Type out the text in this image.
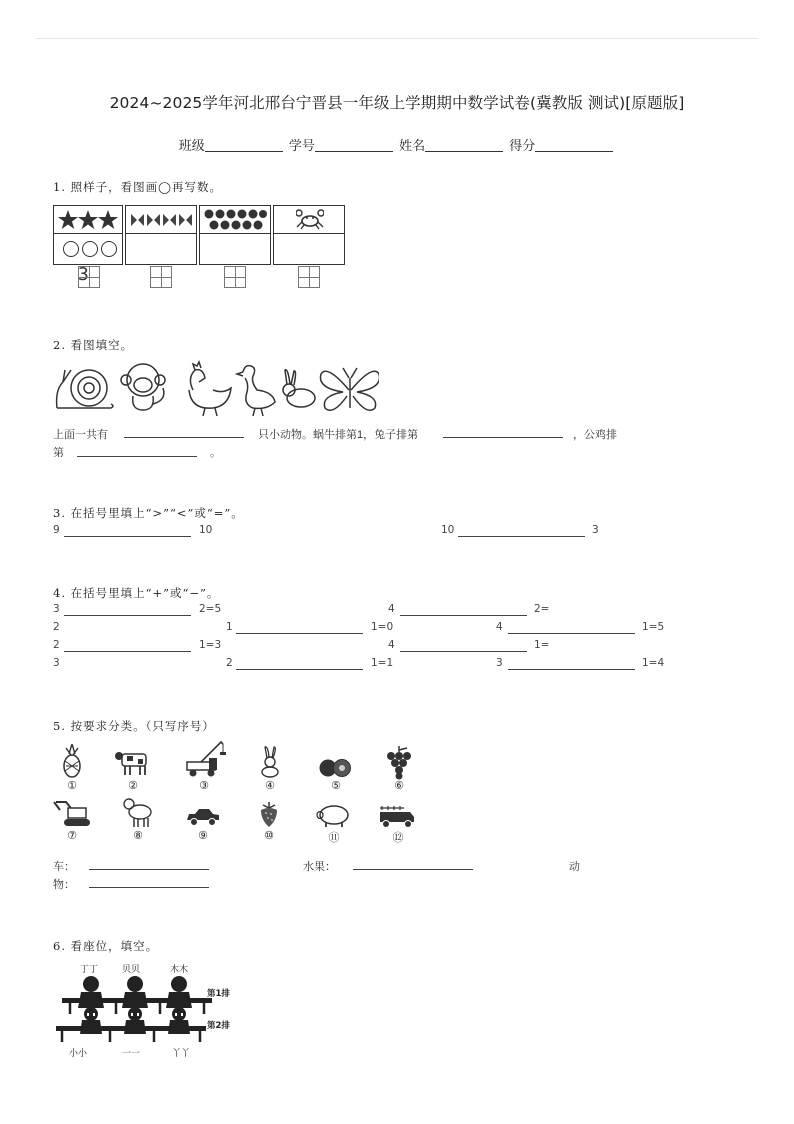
2024~2025学年河北邢台宁晋县一年级上学期期中数学试卷(冀教版 测试)[原题版]
班级	学号	姓名	得分
1. 照样子，看图画◯再写数。
2. 看图填空。
上面一共有	只小动物。蜗牛排第1，兔子排第	，公鸡排
第	。
3. 在括号里填上“>”“<”或“=”。
9	10	10	3
4. 在括号里填上“+”或“−”。
3	2=5	4	2=
2	1	1=0	4	1=5
2	1=3	4	1=
3	2	1=1	3	1=4
5. 按要求分类。（只写序号）
①	②	③	④	⑤	⑥
⑦	⑧	⑨	⑩	⑪	⑫
车：	水果：	动
物：
6. 看座位，填空。
丁丁	贝贝	木木
第1排
第2排
小小	一一	丫丫
